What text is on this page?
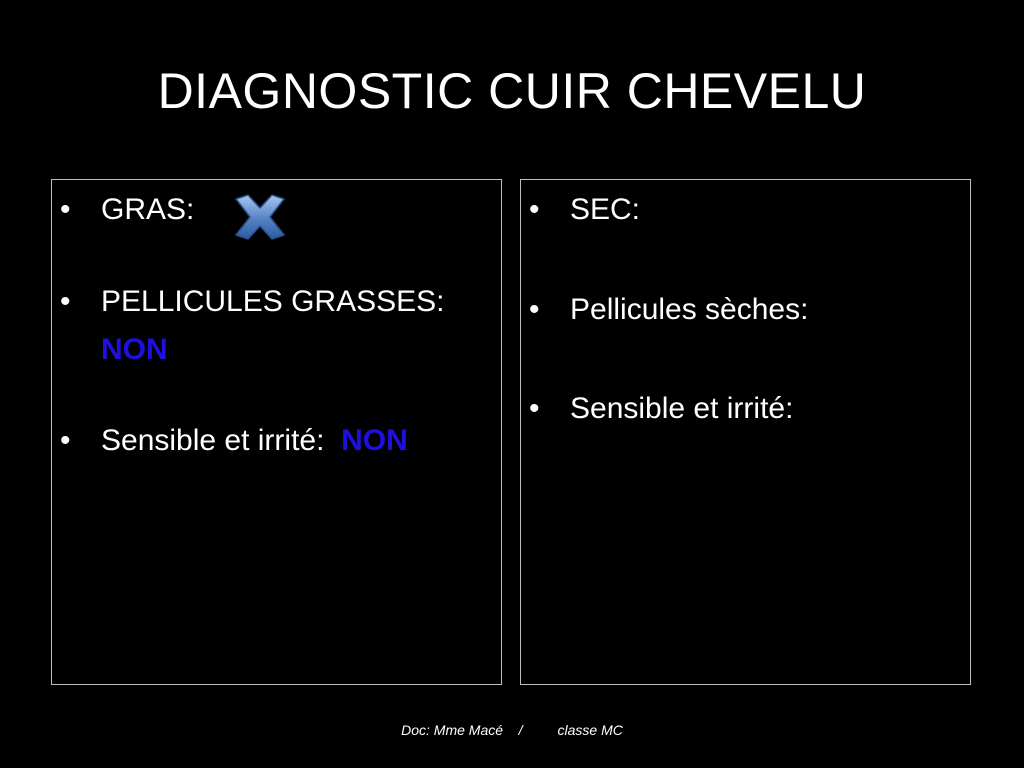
DIAGNOSTIC CUIR CHEVELU
• GRAS:
• PELLICULES GRASSES:
NON
• Sensible et irrité: NON
• SEC:
• Pellicules sèches:
• Sensible et irrité:
Doc: Mme Macé /	classe MC
